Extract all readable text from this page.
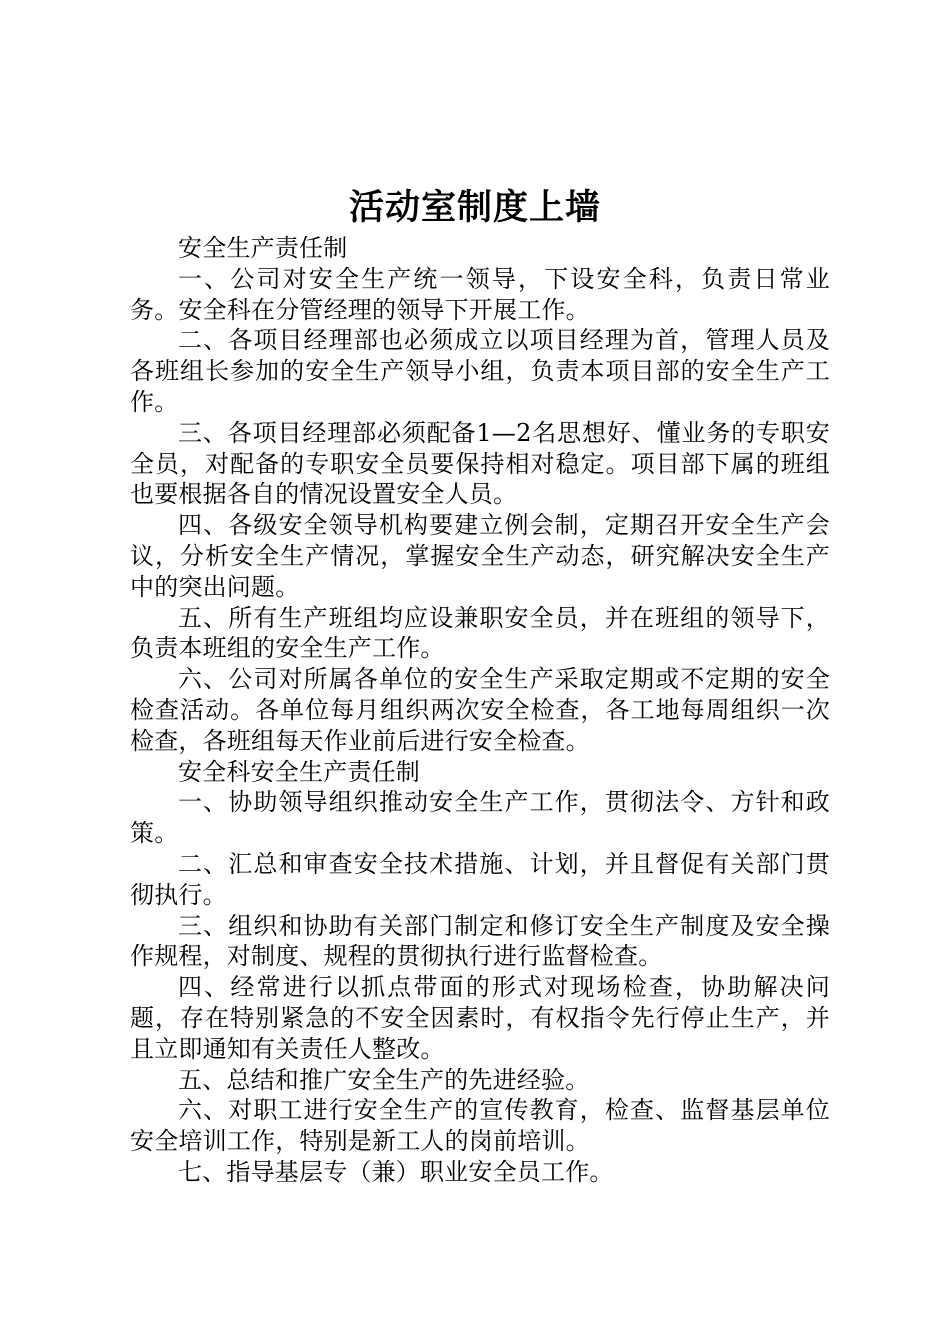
活动室制度上墙

安全生产责任制

一、公司对安全生产统一领导，下设安全科，负责日常业务。安全科在分管经理的领导下开展工作。

二、各项目经理部也必须成立以项目经理为首，管理人员及各班组长参加的安全生产领导小组，负责本项目部的安全生产工作。

三、各项目经理部必须配备1—2名思想好、懂业务的专职安全员，对配备的专职安全员要保持相对稳定。项目部下属的班组也要根据各自的情况设置安全人员。

四、各级安全领导机构要建立例会制，定期召开安全生产会议，分析安全生产情况，掌握安全生产动态，研究解决安全生产中的突出问题。

五、所有生产班组均应设兼职安全员，并在班组的领导下，负责本班组的安全生产工作。

六、公司对所属各单位的安全生产采取定期或不定期的安全检查活动。各单位每月组织两次安全检查，各工地每周组织一次检查，各班组每天作业前后进行安全检查。

安全科安全生产责任制

一、协助领导组织推动安全生产工作，贯彻法令、方针和政策。

二、汇总和审查安全技术措施、计划，并且督促有关部门贯彻执行。

三、组织和协助有关部门制定和修订安全生产制度及安全操作规程，对制度、规程的贯彻执行进行监督检查。

四、经常进行以抓点带面的形式对现场检查，协助解决问题，存在特别紧急的不安全因素时，有权指令先行停止生产，并且立即通知有关责任人整改。

五、总结和推广安全生产的先进经验。

六、对职工进行安全生产的宣传教育，检查、监督基层单位安全培训工作，特别是新工人的岗前培训。

七、指导基层专（兼）职业安全员工作。
